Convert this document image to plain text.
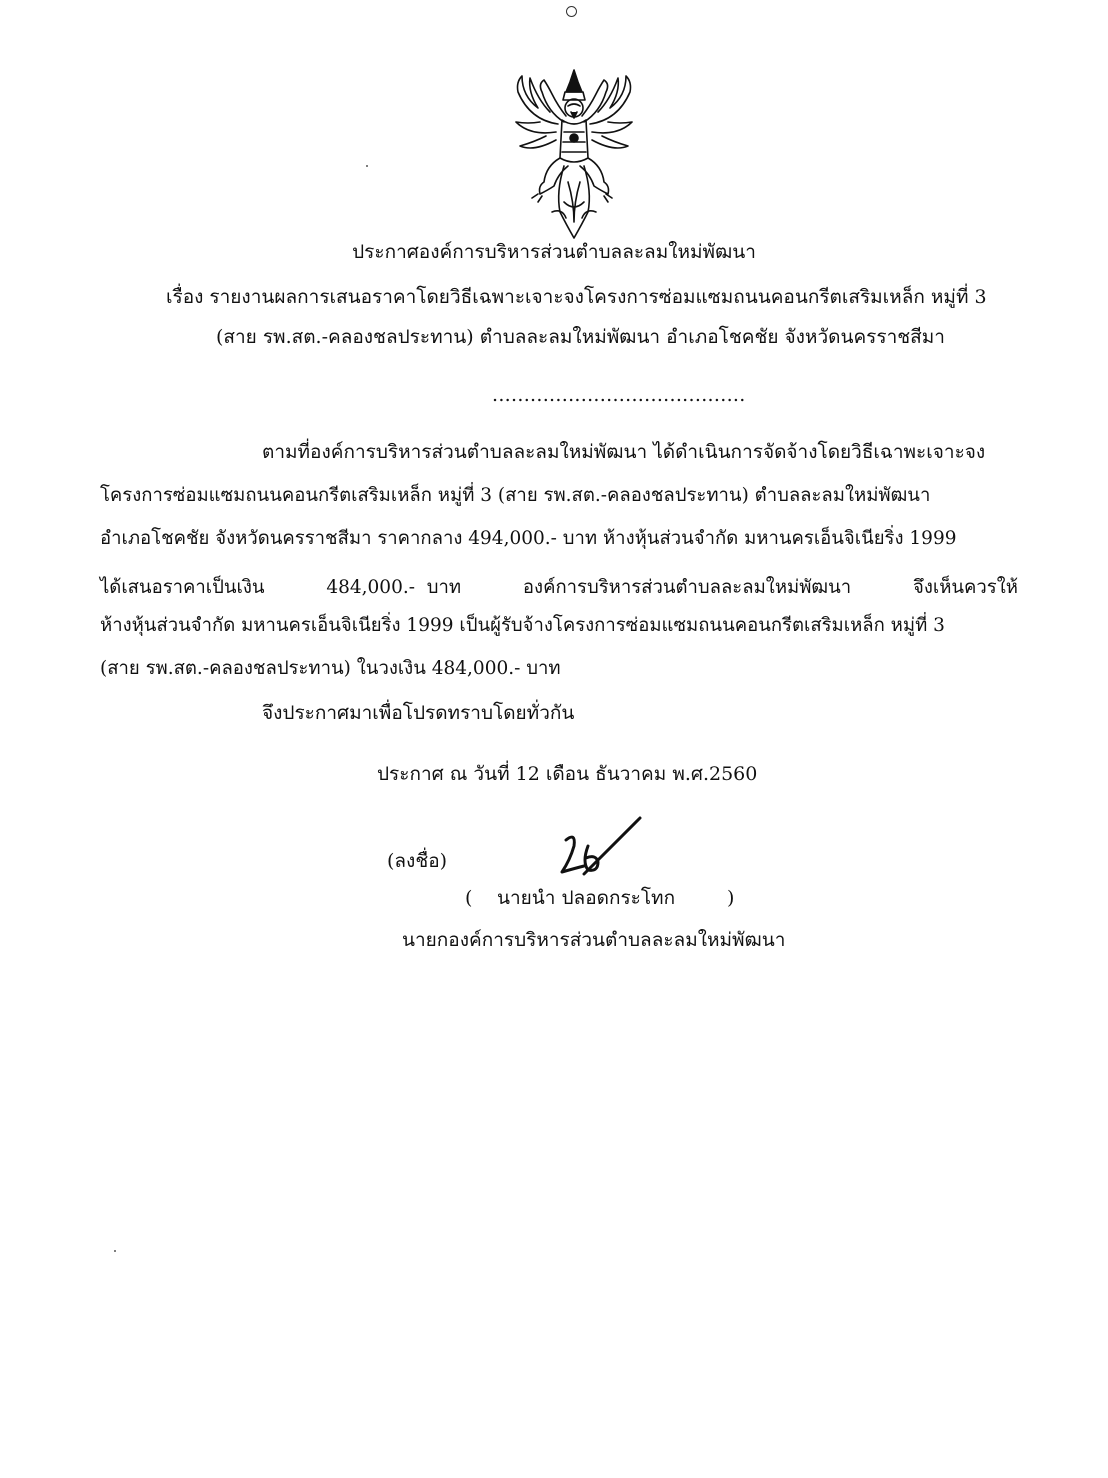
ประกาศองค์การบริหารส่วนตำบลละลมใหม่พัฒนา
เรื่อง รายงานผลการเสนอราคาโดยวิธีเฉพาะเจาะจงโครงการซ่อมแซมถนนคอนกรีตเสริมเหล็ก หมู่ที่ 3
(สาย รพ.สต.-คลองชลประทาน) ตำบลละลมใหม่พัฒนา อำเภอโชคชัย จังหวัดนครราชสีมา
........................................
ตามที่องค์การบริหารส่วนตำบลละลมใหม่พัฒนา ได้ดำเนินการจัดจ้างโดยวิธีเฉาพะเจาะจง
โครงการซ่อมแซมถนนคอนกรีตเสริมเหล็ก หมู่ที่ 3 (สาย รพ.สต.-คลองชลประทาน) ตำบลละลมใหม่พัฒนา
อำเภอโชคชัย จังหวัดนครราชสีมา ราคากลาง 494,000.- บาท ห้างหุ้นส่วนจำกัด มหานครเอ็นจิเนียริ่ง 1999
ได้เสนอราคาเป็นเงิน	484,000.-  บาท	องค์การบริหารส่วนตำบลละลมใหม่พัฒนา	จึงเห็นควรให้
ห้างหุ้นส่วนจำกัด มหานครเอ็นจิเนียริ่ง 1999 เป็นผู้รับจ้างโครงการซ่อมแซมถนนคอนกรีตเสริมเหล็ก หมู่ที่ 3
(สาย รพ.สต.-คลองชลประทาน) ในวงเงิน 484,000.- บาท
จึงประกาศมาเพื่อโปรดทราบโดยทั่วกัน
ประกาศ ณ วันที่ 12 เดือน ธันวาคม พ.ศ.2560
(ลงชื่อ)
( นายนำ ปลอดกระโทก	)
นายกองค์การบริหารส่วนตำบลละลมใหม่พัฒนา
